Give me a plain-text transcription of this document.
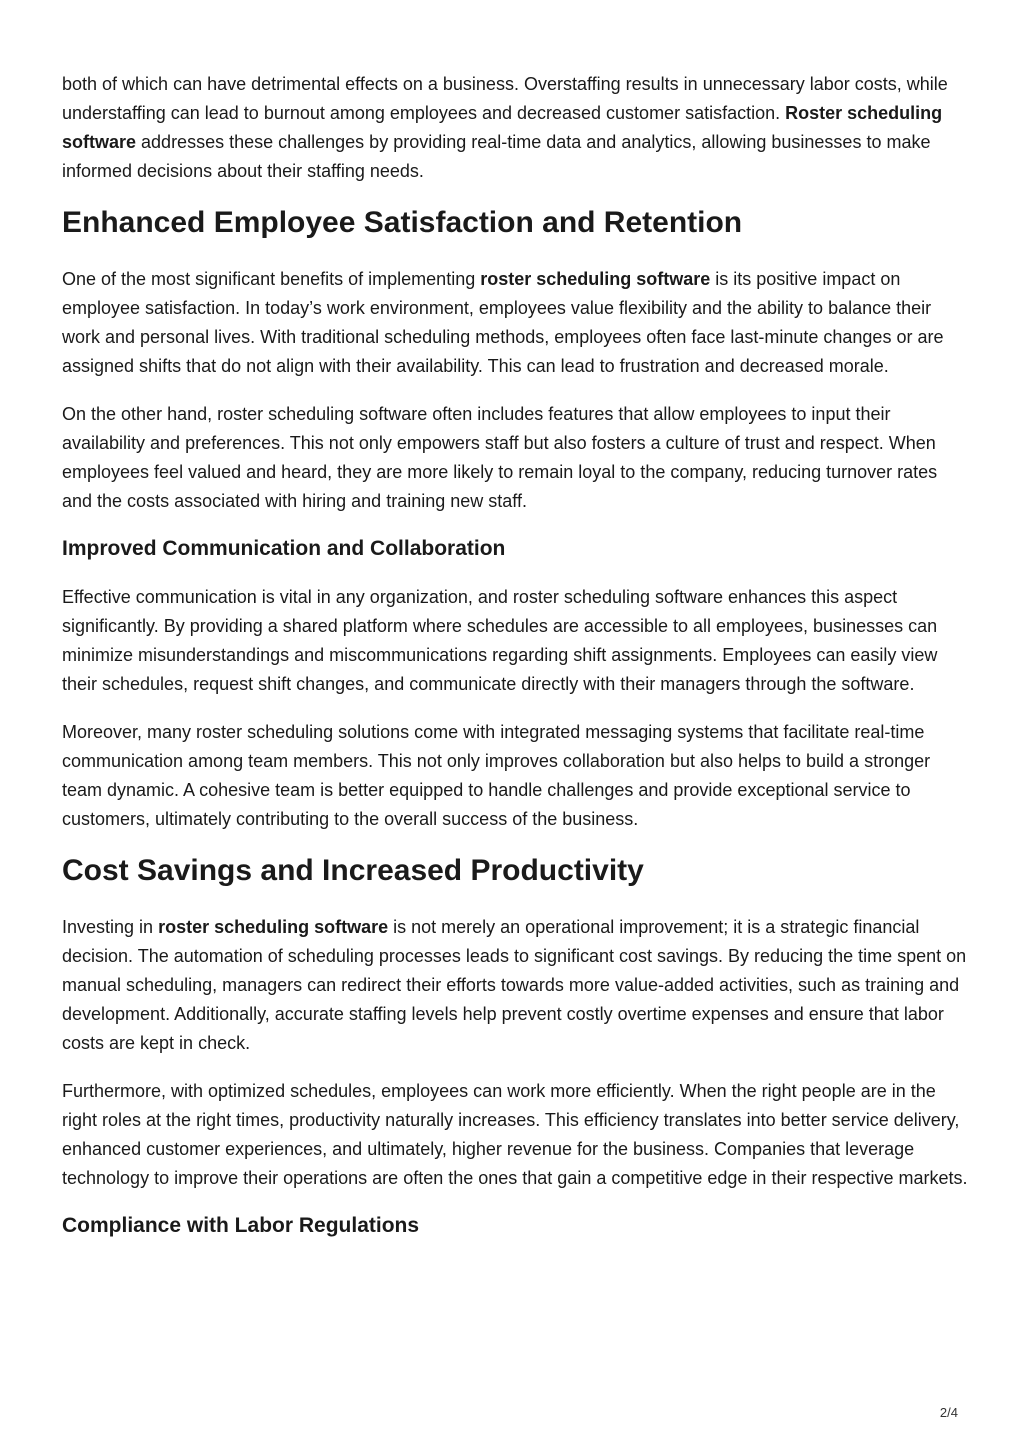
both of which can have detrimental effects on a business. Overstaffing results in unnecessary labor costs, while understaffing can lead to burnout among employees and decreased customer satisfaction. Roster scheduling software addresses these challenges by providing real-time data and analytics, allowing businesses to make informed decisions about their staffing needs.

Enhanced Employee Satisfaction and Retention

One of the most significant benefits of implementing roster scheduling software is its positive impact on employee satisfaction. In today’s work environment, employees value flexibility and the ability to balance their work and personal lives. With traditional scheduling methods, employees often face last-minute changes or are assigned shifts that do not align with their availability. This can lead to frustration and decreased morale.

On the other hand, roster scheduling software often includes features that allow employees to input their availability and preferences. This not only empowers staff but also fosters a culture of trust and respect. When employees feel valued and heard, they are more likely to remain loyal to the company, reducing turnover rates and the costs associated with hiring and training new staff.

Improved Communication and Collaboration

Effective communication is vital in any organization, and roster scheduling software enhances this aspect significantly. By providing a shared platform where schedules are accessible to all employees, businesses can minimize misunderstandings and miscommunications regarding shift assignments. Employees can easily view their schedules, request shift changes, and communicate directly with their managers through the software.

Moreover, many roster scheduling solutions come with integrated messaging systems that facilitate real-time communication among team members. This not only improves collaboration but also helps to build a stronger team dynamic. A cohesive team is better equipped to handle challenges and provide exceptional service to customers, ultimately contributing to the overall success of the business.

Cost Savings and Increased Productivity

Investing in roster scheduling software is not merely an operational improvement; it is a strategic financial decision. The automation of scheduling processes leads to significant cost savings. By reducing the time spent on manual scheduling, managers can redirect their efforts towards more value-added activities, such as training and development. Additionally, accurate staffing levels help prevent costly overtime expenses and ensure that labor costs are kept in check.

Furthermore, with optimized schedules, employees can work more efficiently. When the right people are in the right roles at the right times, productivity naturally increases. This efficiency translates into better service delivery, enhanced customer experiences, and ultimately, higher revenue for the business. Companies that leverage technology to improve their operations are often the ones that gain a competitive edge in their respective markets.

Compliance with Labor Regulations
2/4
